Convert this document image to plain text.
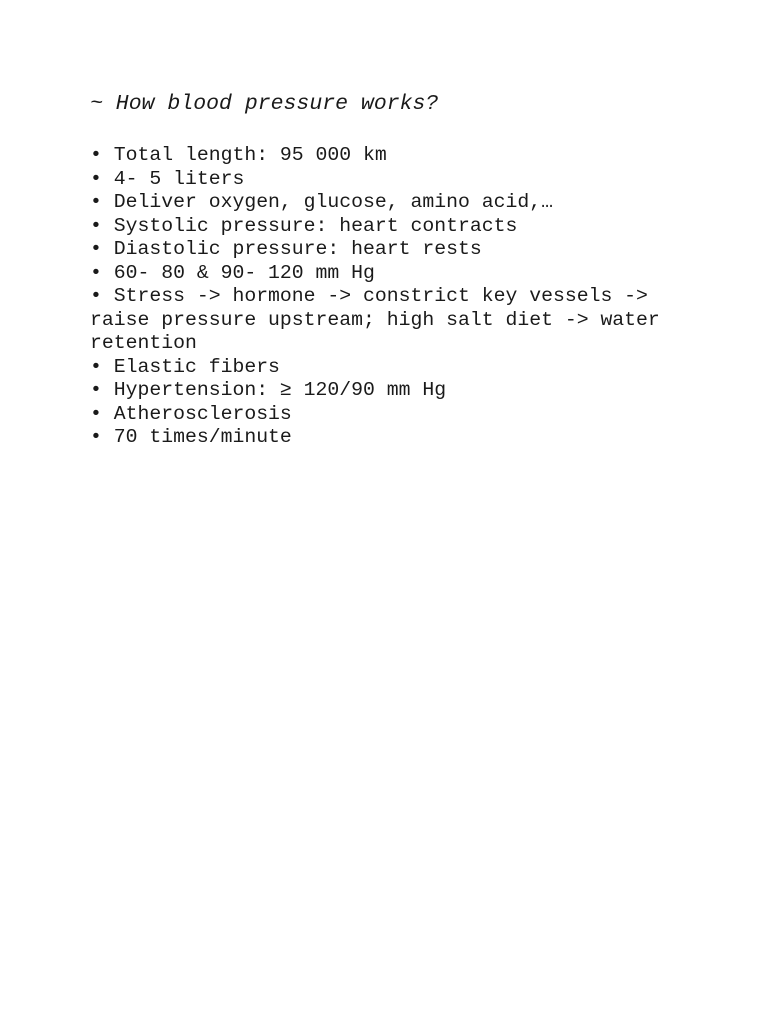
~ How blood pressure works?
• Total length: 95 000 km
• 4- 5 liters
• Deliver oxygen, glucose, amino acid,…
• Systolic pressure: heart contracts
• Diastolic pressure: heart rests
• 60- 80 & 90- 120 mm Hg
• Stress -> hormone -> constrict key vessels ->
raise pressure upstream; high salt diet -> water
retention
• Elastic fibers
• Hypertension: ≥ 120/90 mm Hg
• Atherosclerosis
• 70 times/minute
